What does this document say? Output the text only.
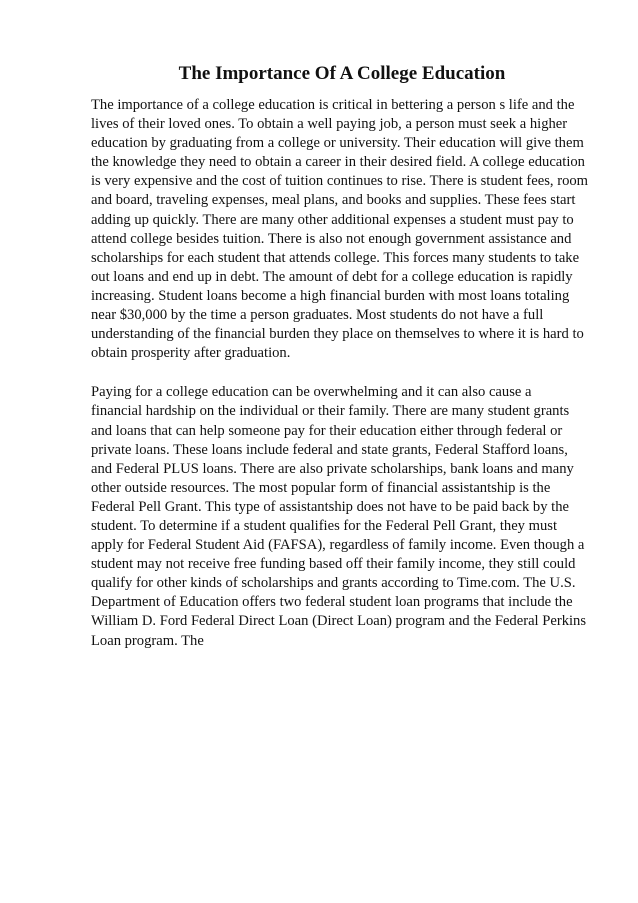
The Importance Of A College Education

The importance of a college education is critical in bettering a person s life and the
lives of their loved ones. To obtain a well paying job, a person must seek a higher
education by graduating from a college or university. Their education will give them
the knowledge they need to obtain a career in their desired field. A college education
is very expensive and the cost of tuition continues to rise. There is student fees, room
and board, traveling expenses, meal plans, and books and supplies. These fees start
adding up quickly. There are many other additional expenses a student must pay to
attend college besides tuition. There is also not enough government assistance and
scholarships for each student that attends college. This forces many students to take
out loans and end up in debt. The amount of debt for a college education is rapidly
increasing. Student loans become a high financial burden with most loans totaling
near $30,000 by the time a person graduates. Most students do not have a full
understanding of the financial burden they place on themselves to where it is hard to
obtain prosperity after graduation.

Paying for a college education can be overwhelming and it can also cause a
financial hardship on the individual or their family. There are many student grants
and loans that can help someone pay for their education either through federal or
private loans. These loans include federal and state grants, Federal Stafford loans,
and Federal PLUS loans. There are also private scholarships, bank loans and many
other outside resources. The most popular form of financial assistantship is the
Federal Pell Grant. This type of assistantship does not have to be paid back by the
student. To determine if a student qualifies for the Federal Pell Grant, they must
apply for Federal Student Aid (FAFSA), regardless of family income. Even though a
student may not receive free funding based off their family income, they still could
qualify for other kinds of scholarships and grants according to Time.com. The U.S.
Department of Education offers two federal student loan programs that include the
William D. Ford Federal Direct Loan (Direct Loan) program and the Federal Perkins
Loan program. The
